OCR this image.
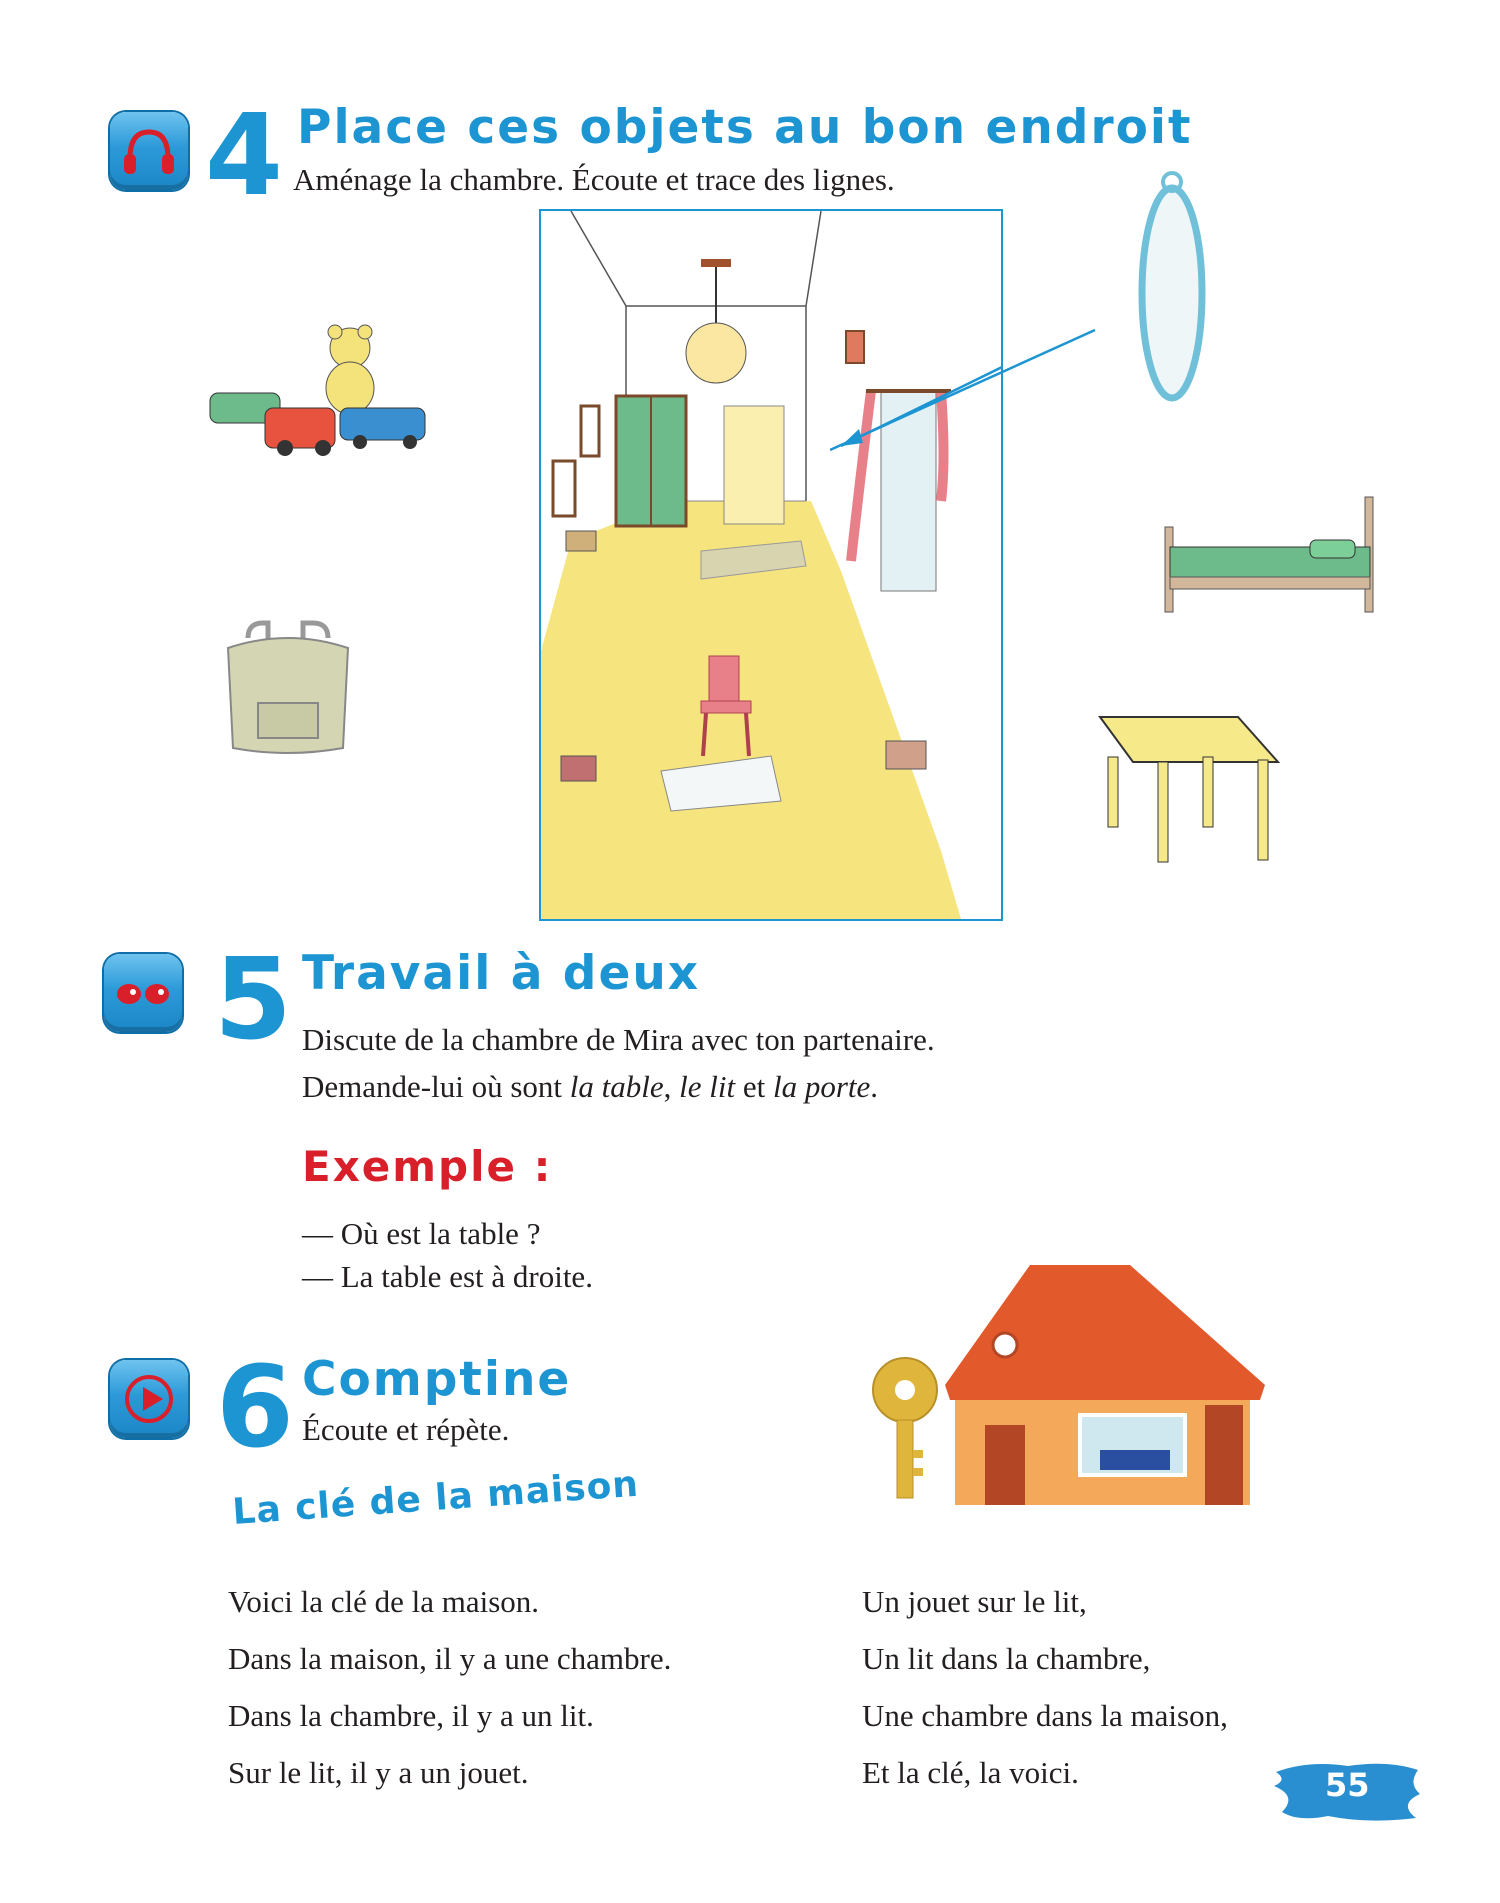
4 Place ces objets au bon endroit
Aménage la chambre. Écoute et trace des lignes.
5 Travail à deux
Discute de la chambre de Mira avec ton partenaire.
Demande-lui où sont la table, le lit et la porte.
Exemple :
— Où est la table ?
— La table est à droite.
6 Comptine
Écoute et répète.
La clé de la maison
Voici la clé de la maison.
Dans la maison, il y a une chambre.
Dans la chambre, il y a un lit.
Sur le lit, il y a un jouet.
Un jouet sur le lit,
Un lit dans la chambre,
Une chambre dans la maison,
Et la clé, la voici.	55
